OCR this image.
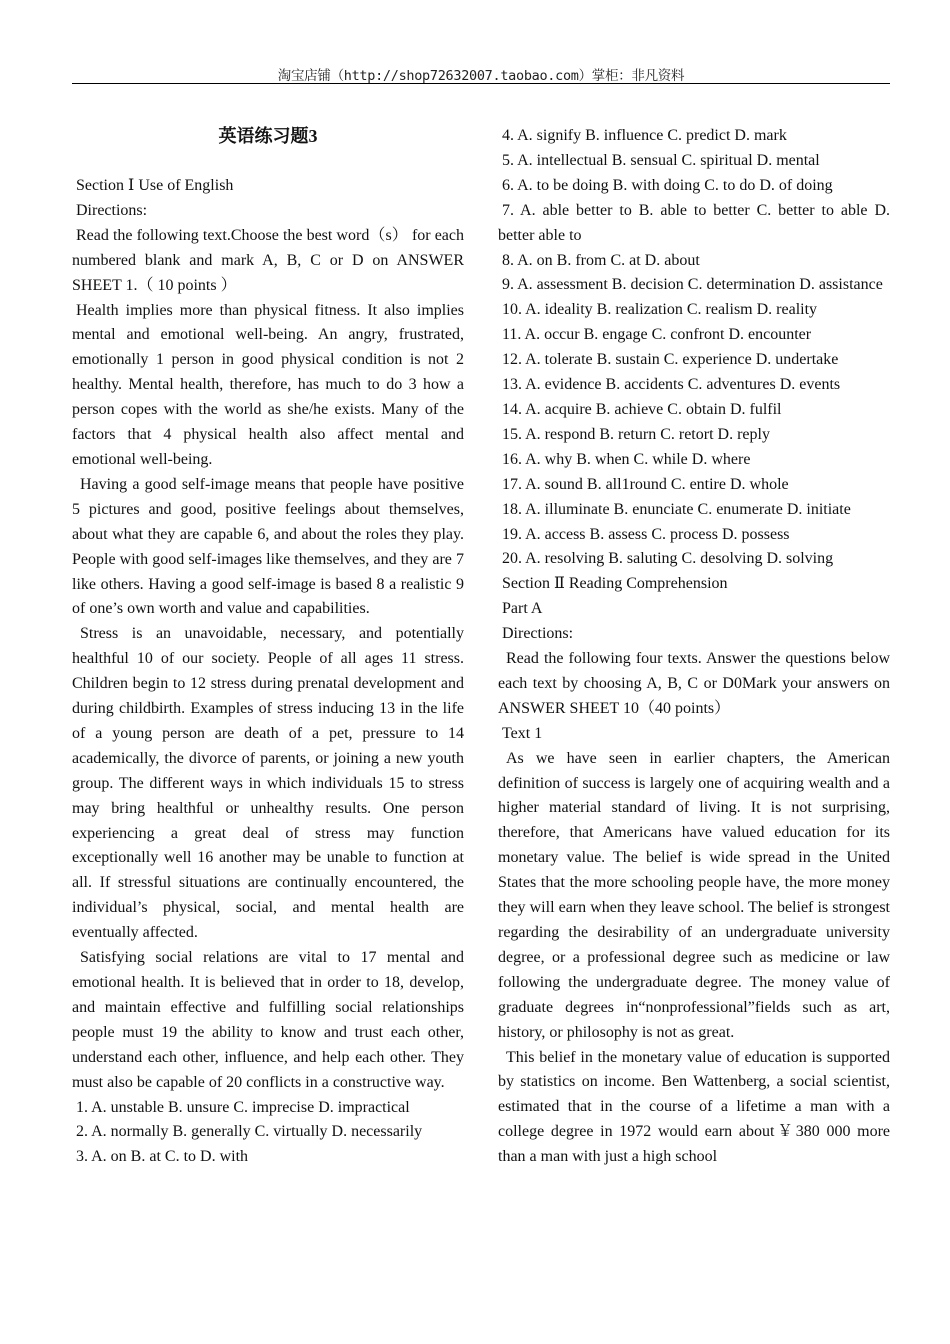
淘宝店铺（http://shop72632007.taobao.com）掌柜：非凡资料
英语练习题3

Section Ⅰ Use of English

Directions:

Read the following text.Choose the best word（s） for each numbered blank and mark A, B, C or D on ANSWER SHEET 1.（ 10 points ）

Health implies more than physical fitness. It also implies mental and emotional well-being. An angry, frustrated, emotionally 1 person in good physical condition is not 2 healthy. Mental health, therefore, has much to do 3 how a person copes with the world as she/he exists. Many of the factors that 4 physical health also affect mental and emotional well-being.

Having a good self-image means that people have positive 5 pictures and good, positive feelings about themselves, about what they are capable 6, and about the roles they play. People with good self-images like themselves, and they are 7 like others. Having a good self-image is based 8 a realistic 9 of one’s own worth and value and capabilities.

Stress is an unavoidable, necessary, and potentially healthful 10 of our society. People of all ages 11 stress. Children begin to 12 stress during prenatal development and during childbirth. Examples of stress inducing 13 in the life of a young person are death of a pet, pressure to 14 academically, the divorce of parents, or joining a new youth group. The different ways in which individuals 15 to stress may bring healthful or unhealthy results. One person experiencing a great deal of stress may function exceptionally well 16 another may be unable to function at all. If stressful situations are continually encountered, the individual’s physical, social, and mental health are eventually affected.

Satisfying social relations are vital to 17 mental and emotional health. It is believed that in order to 18, develop, and maintain effective and fulfilling social relationships people must 19 the ability to know and trust each other, understand each other, influence, and help each other. They must also be capable of 20 conflicts in a constructive way.

1. A. unstable B. unsure C. imprecise D. impractical

2. A. normally B. generally C. virtually D. necessarily

3. A. on B. at C. to D. with

4. A. signify B. influence C. predict D. mark

5. A. intellectual B. sensual C. spiritual D. mental

6. A. to be doing B. with doing C. to do D. of doing

7. A. able better to B. able to better C. better to able D. better able to

8. A. on B. from C. at D. about

9. A. assessment B. decision C. determination D. assistance

10. A. ideality B. realization C. realism D. reality

11. A. occur B. engage C. confront D. encounter

12. A. tolerate B. sustain C. experience D. undertake

13. A. evidence B. accidents C. adventures D. events

14. A. acquire B. achieve C. obtain D. fulfil

15. A. respond B. return C. retort D. reply

16. A. why B. when C. while D. where

17. A. sound B. all1round C. entire D. whole

18. A. illuminate B. enunciate C. enumerate D. initiate

19. A. access B. assess C. process D. possess

20. A. resolving B. saluting C. desolving D. solving

Section Ⅱ Reading Comprehension

Part A

Directions:

Read the following four texts. Answer the questions below each text by choosing A, B, C or D0Mark your answers on ANSWER SHEET 10（40 points）

Text 1

As we have seen in earlier chapters, the American definition of success is largely one of acquiring wealth and a higher material standard of living. It is not surprising, therefore, that Americans have valued education for its monetary value. The belief is wide spread in the United States that the more schooling people have, the more money they will earn when they leave school. The belief is strongest regarding the desirability of an undergraduate university degree, or a professional degree such as medicine or law following the undergraduate degree. The money value of graduate degrees in“nonprofessional”fields such as art, history, or philosophy is not as great.

This belief in the monetary value of education is supported by statistics on income. Ben Wattenberg, a social scientist, estimated that in the course of a lifetime a man with a college degree in 1972 would earn about￥380 000 more than a man with just a high school
